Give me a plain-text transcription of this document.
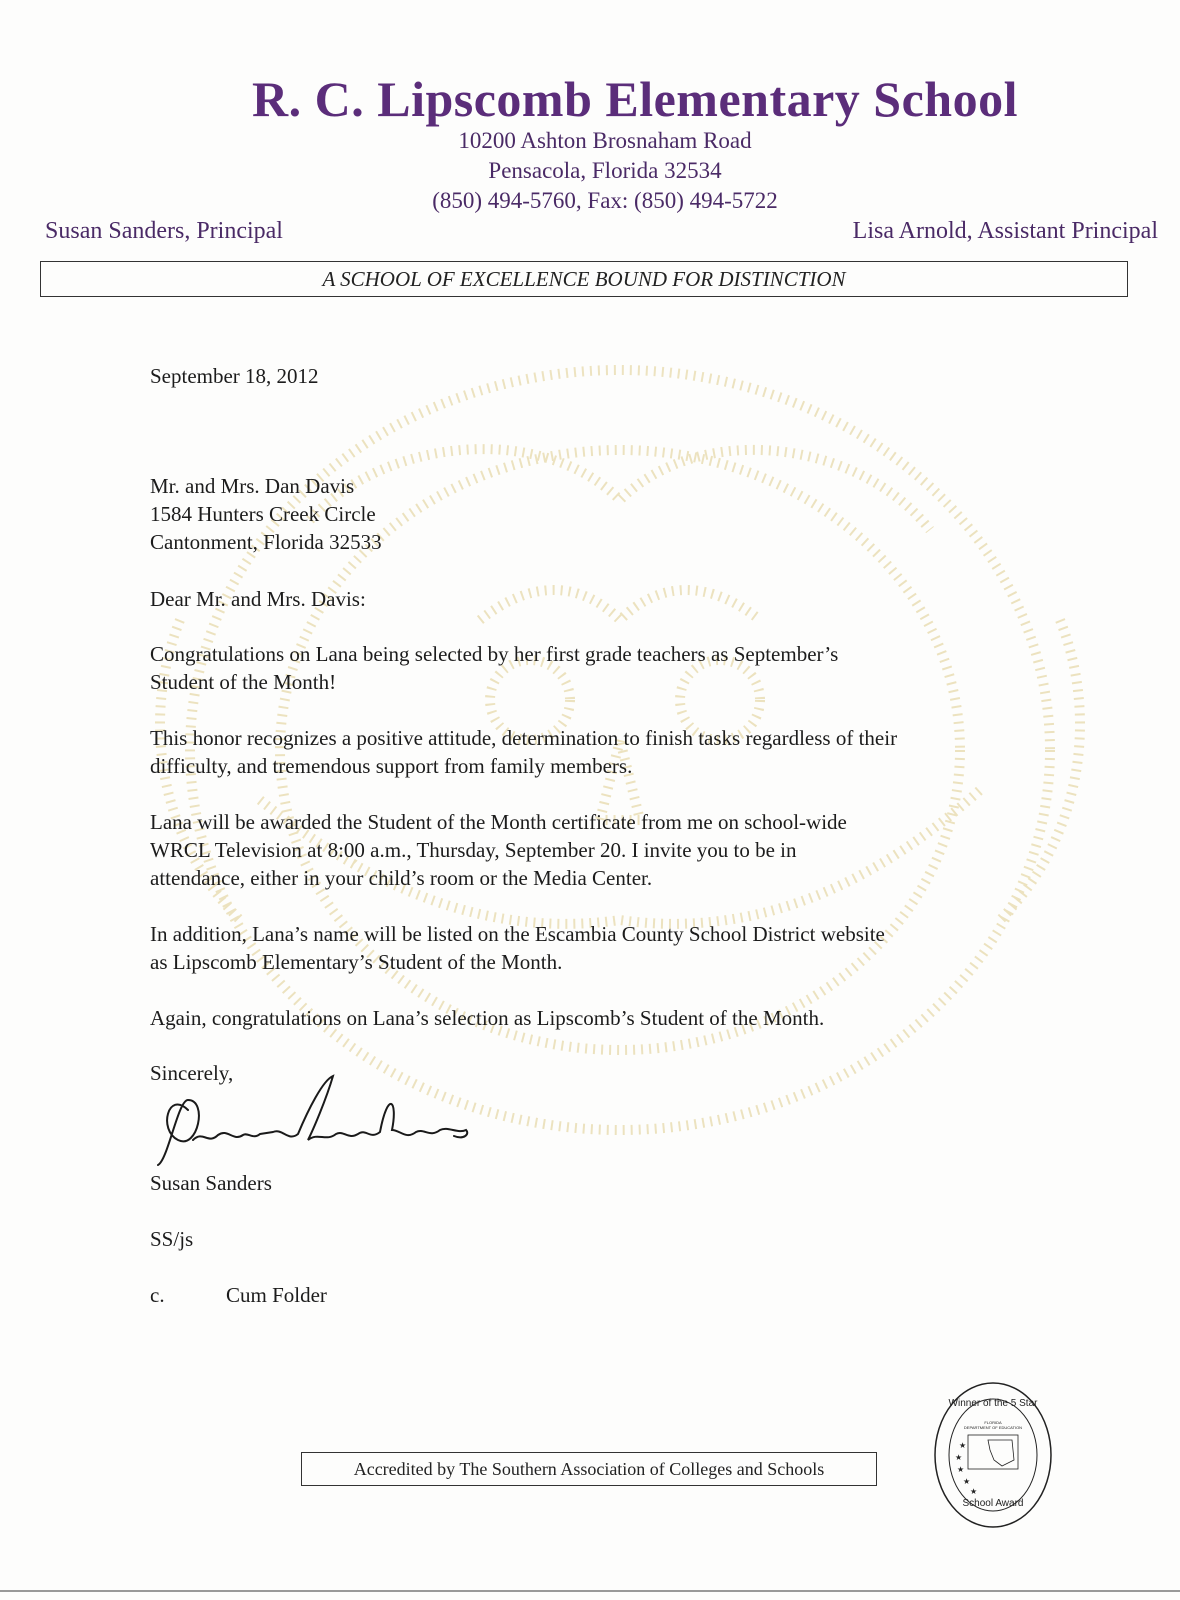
R. C. Lipscomb Elementary School
10200 Ashton Brosnaham Road
Pensacola, Florida 32534
(850) 494-5760, Fax: (850) 494-5722
Susan Sanders, Principal	Lisa Arnold, Assistant Principal
A SCHOOL OF EXCELLENCE BOUND FOR DISTINCTION
September 18, 2012
Mr. and Mrs. Dan Davis
1584 Hunters Creek Circle
Cantonment, Florida 32533
Dear Mr. and Mrs. Davis:
Congratulations on Lana being selected by her first grade teachers as September’s
Student of the Month!
This honor recognizes a positive attitude, determination to finish tasks regardless of their
difficulty, and tremendous support from family members.
Lana will be awarded the Student of the Month certificate from me on school-wide
WRCL Television at 8:00 a.m., Thursday, September 20. I invite you to be in
attendance, either in your child’s room or the Media Center.
In addition, Lana’s name will be listed on the Escambia County School District website
as Lipscomb Elementary’s Student of the Month.
Again, congratulations on Lana’s selection as Lipscomb’s Student of the Month.
Sincerely,
Susan Sanders
SS/js
c.	Cum Folder
Accredited by The Southern Association of Colleges and Schools
★
★
★
★
★
Winner of the 5 Star
FLORIDA
DEPARTMENT OF EDUCATION
School Award
